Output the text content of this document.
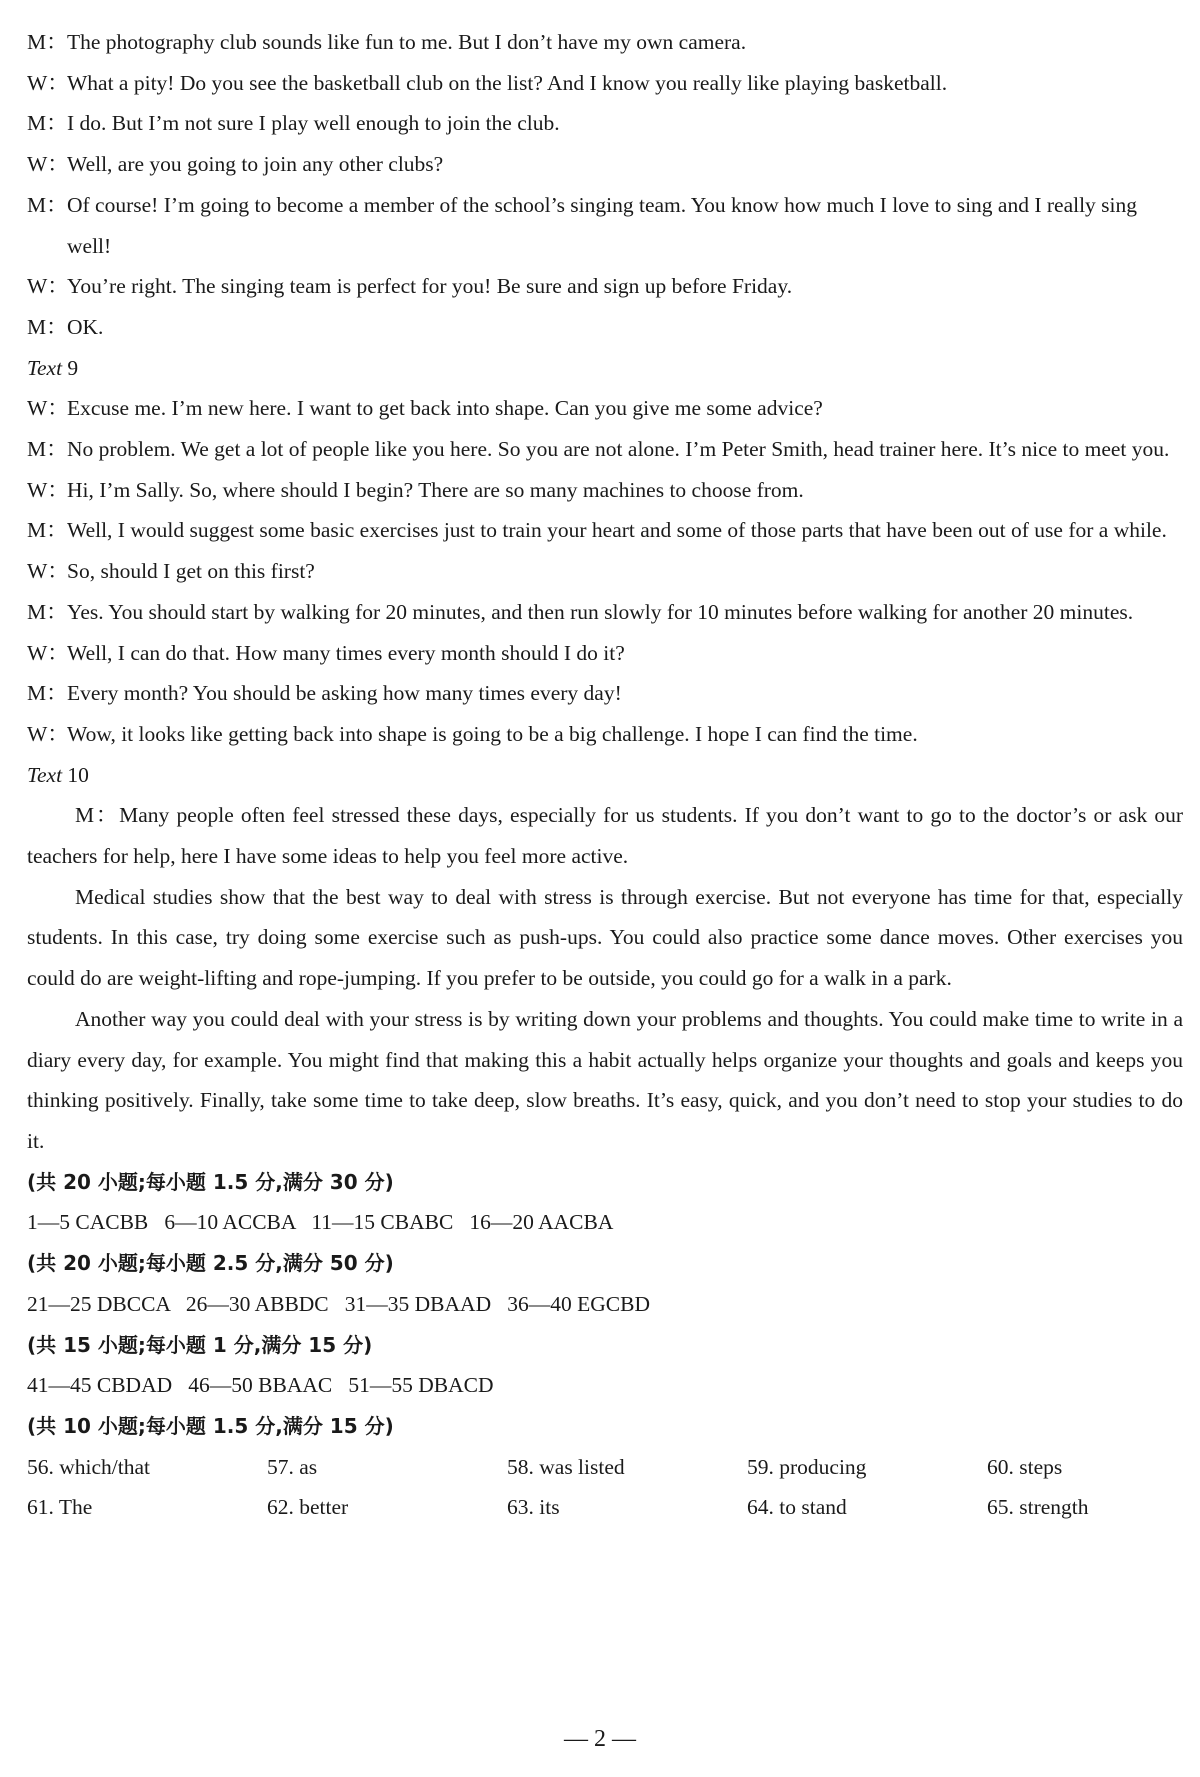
M：The photography club sounds like fun to me. But I don’t have my own camera.
W：What a pity! Do you see the basketball club on the list? And I know you really like playing basketball.
M：I do. But I’m not sure I play well enough to join the club.
W：Well, are you going to join any other clubs?
M：Of course! I’m going to become a member of the school’s singing team. You know how much I love to sing and I really sing well!
W：You’re right. The singing team is perfect for you! Be sure and sign up before Friday.
M：OK.
Text 9
W：Excuse me. I’m new here. I want to get back into shape. Can you give me some advice?
M：No problem. We get a lot of people like you here. So you are not alone. I’m Peter Smith, head trainer here. It’s nice to meet you.
W：Hi, I’m Sally. So, where should I begin? There are so many machines to choose from.
M：Well, I would suggest some basic exercises just to train your heart and some of those parts that have been out of use for a while.
W：So, should I get on this first?
M：Yes. You should start by walking for 20 minutes, and then run slowly for 10 minutes before walking for another 20 minutes.
W：Well, I can do that. How many times every month should I do it?
M：Every month? You should be asking how many times every day!
W：Wow, it looks like getting back into shape is going to be a big challenge. I hope I can find the time.
Text 10

M：Many people often feel stressed these days, especially for us students. If you don’t want to go to the doctor’s or ask our teachers for help, here I have some ideas to help you feel more active.

Medical studies show that the best way to deal with stress is through exercise. But not everyone has time for that, especially students. In this case, try doing some exercise such as push-ups. You could also practice some dance moves. Other exercises you could do are weight-lifting and rope-jumping. If you prefer to be outside, you could go for a walk in a park.

Another way you could deal with your stress is by writing down your problems and thoughts. You could make time to write in a diary every day, for example. You might find that making this a habit actually helps organize your thoughts and goals and keeps you thinking positively. Finally, take some time to take deep, slow breaths. It’s easy, quick, and you don’t need to stop your studies to do it.

(共 20 小题;每小题 1.5 分,满分 30 分)
1—5 CACBB   6—10 ACCBA   11—15 CBABC   16—20 AACBA
(共 20 小题;每小题 2.5 分,满分 50 分)
21—25 DBCCA   26—30 ABBDC   31—35 DBAAD   36—40 EGCBD
(共 15 小题;每小题 1 分,满分 15 分)
41—45 CBDAD   46—50 BBAAC   51—55 DBACD
(共 10 小题;每小题 1.5 分,满分 15 分)
56. which/that	57. as	58. was listed	59. producing	60. steps
61. The	62. better	63. its	64. to stand	65. strength
— 2 —
